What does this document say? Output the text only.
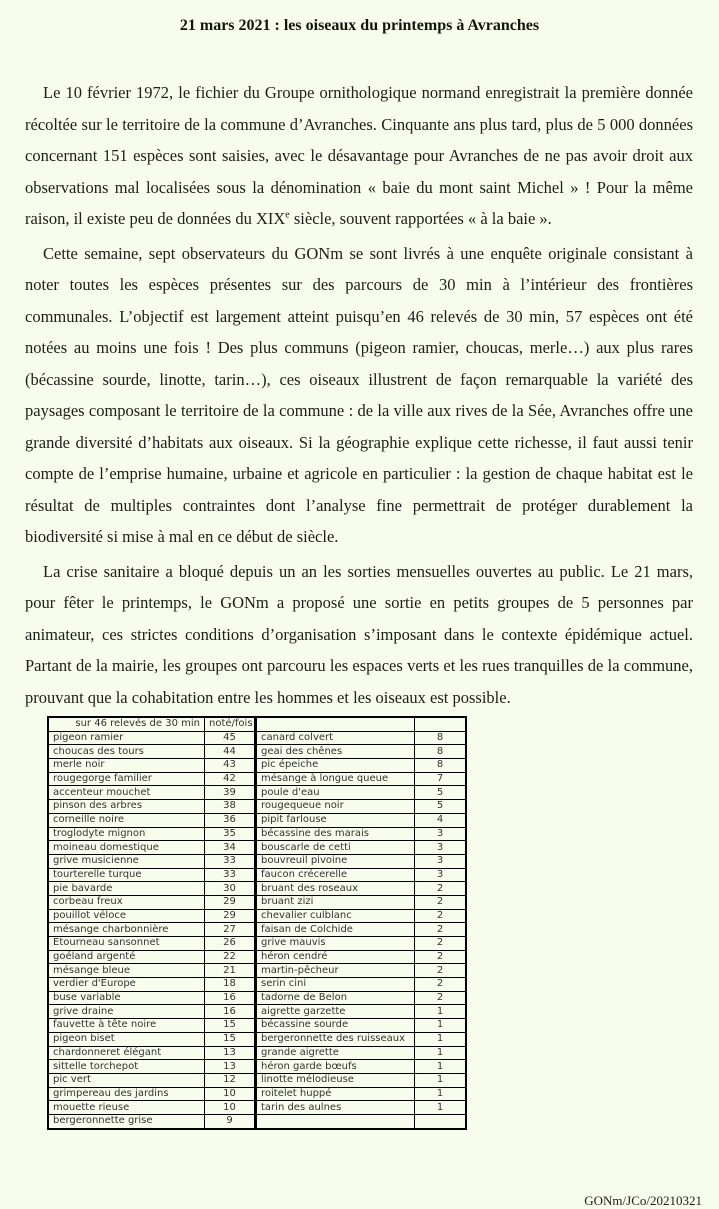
21 mars 2021 : les oiseaux du printemps à Avranches

Le 10 février 1972, le fichier du Groupe ornithologique normand enregistrait la première donnée récoltée sur le territoire de la commune d’Avranches. Cinquante ans plus tard, plus de 5 000 données concernant 151 espèces sont saisies, avec le désavantage pour Avranches de ne pas avoir droit aux observations mal localisées sous la dénomination « baie du mont saint Michel » ! Pour la même raison, il existe peu de données du XIXe siècle, souvent rapportées « à la baie ».

Cette semaine, sept observateurs du GONm se sont livrés à une enquête originale consistant à noter toutes les espèces présentes sur des parcours de 30 min à l’intérieur des frontières communales. L’objectif est largement atteint puisqu’en 46 relevés de 30 min, 57 espèces ont été notées au moins une fois ! Des plus communs (pigeon ramier, choucas, merle…) aux plus rares (bécassine sourde, linotte, tarin…), ces oiseaux illustrent de façon remarquable la variété des paysages composant le territoire de la commune : de la ville aux rives de la Sée, Avranches offre une grande diversité d’habitats aux oiseaux. Si la géographie explique cette richesse, il faut aussi tenir compte de l’emprise humaine, urbaine et agricole en particulier : la gestion de chaque habitat est le résultat de multiples contraintes dont l’analyse fine permettrait de protéger durablement la biodiversité si mise à mal en ce début de siècle.

La crise sanitaire a bloqué depuis un an les sorties mensuelles ouvertes au public. Le 21 mars, pour fêter le printemps, le GONm a proposé une sortie en petits groupes de 5 personnes par animateur, ces strictes conditions d’organisation s’imposant dans le contexte épidémique actuel. Partant de la mairie, les groupes ont parcouru les espaces verts et les rues tranquilles de la commune, prouvant que la cohabitation entre les hommes et les oiseaux est possible.

sur 46 relevés de 30 min	noté/fois		
pigeon ramier	45	canard colvert	8
choucas des tours	44	geai des chênes	8
merle noir	43	pic épeiche	8
rougegorge familier	42	mésange à longue queue	7
accenteur mouchet	39	poule d'eau	5
pinson des arbres	38	rougequeue noir	5
corneille noire	36	pipit farlouse	4
troglodyte mignon	35	bécassine des marais	3
moineau domestique	34	bouscarle de cetti	3
grive musicienne	33	bouvreuil pivoine	3
tourterelle turque	33	faucon crécerelle	3
pie bavarde	30	bruant des roseaux	2
corbeau freux	29	bruant zizi	2
pouillot véloce	29	chevalier culblanc	2
mésange charbonnière	27	faisan de Colchide	2
Etourneau sansonnet	26	grive mauvis	2
goéland argenté	22	héron cendré	2
mésange bleue	21	martin-pêcheur	2
verdier d'Europe	18	serin cini	2
buse variable	16	tadorne de Belon	2
grive draine	16	aigrette garzette	1
fauvette à tête noire	15	bécassine sourde	1
pigeon biset	15	bergeronnette des ruisseaux	1
chardonneret élégant	13	grande aigrette	1
sittelle torchepot	13	héron garde bœufs	1
pic vert	12	linotte mélodieuse	1
grimpereau des jardins	10	roitelet huppé	1
mouette rieuse	10	tarin des aulnes	1
bergeronnette grise	9		
GONm/JCo/20210321
